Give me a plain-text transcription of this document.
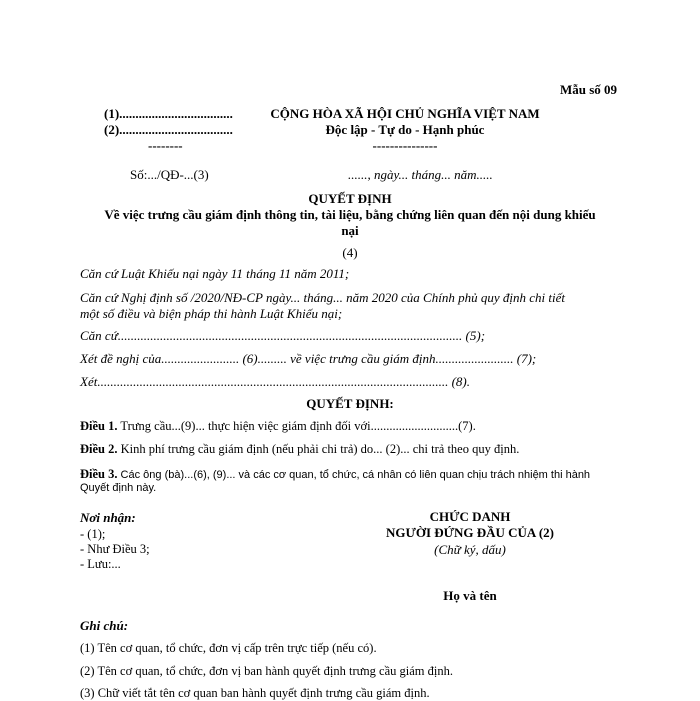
Mẫu số 09
(1)...................................
(2)...................................
--------
CỘNG HÒA XÃ HỘI CHỦ NGHĨA VIỆT NAM
Độc lập - Tự do - Hạnh phúc
---------------
Số:.../QĐ-...(3)	......, ngày... tháng... năm.....
QUYẾT ĐỊNH
Về việc trưng cầu giám định thông tin, tài liệu, bằng chứng liên quan đến nội dung khiếu
nại
(4)
Căn cứ Luật Khiếu nại ngày 11 tháng 11 năm 2011;
Căn cứ Nghị định số /2020/NĐ-CP ngày... tháng... năm 2020 của Chính phủ quy định chi tiết
một số điều và biện pháp thi hành Luật Khiếu nại;
Căn cứ.......................................................................................................... (5);
Xét đề nghị của........................ (6)......... về việc trưng cầu giám định........................ (7);
Xét............................................................................................................ (8).
QUYẾT ĐỊNH:
Điều 1. Trưng cầu...(9)... thực hiện việc giám định đối với............................(7).
Điều 2. Kinh phí trưng cầu giám định (nếu phải chi trả) do... (2)... chi trả theo quy định.
Điều 3. Các ông (bà)...(6), (9)... và các cơ quan, tổ chức, cá nhân có liên quan chịu trách nhiệm thi hành
Quyết định này.
Nơi nhận:
- (1);
- Như Điều 3;
- Lưu:...
CHỨC DANH
NGƯỜI ĐỨNG ĐẦU CỦA (2)
(Chữ ký, dấu)
Họ và tên
Ghi chú:
(1) Tên cơ quan, tổ chức, đơn vị cấp trên trực tiếp (nếu có).
(2) Tên cơ quan, tổ chức, đơn vị ban hành quyết định trưng cầu giám định.
(3) Chữ viết tắt tên cơ quan ban hành quyết định trưng cầu giám định.
